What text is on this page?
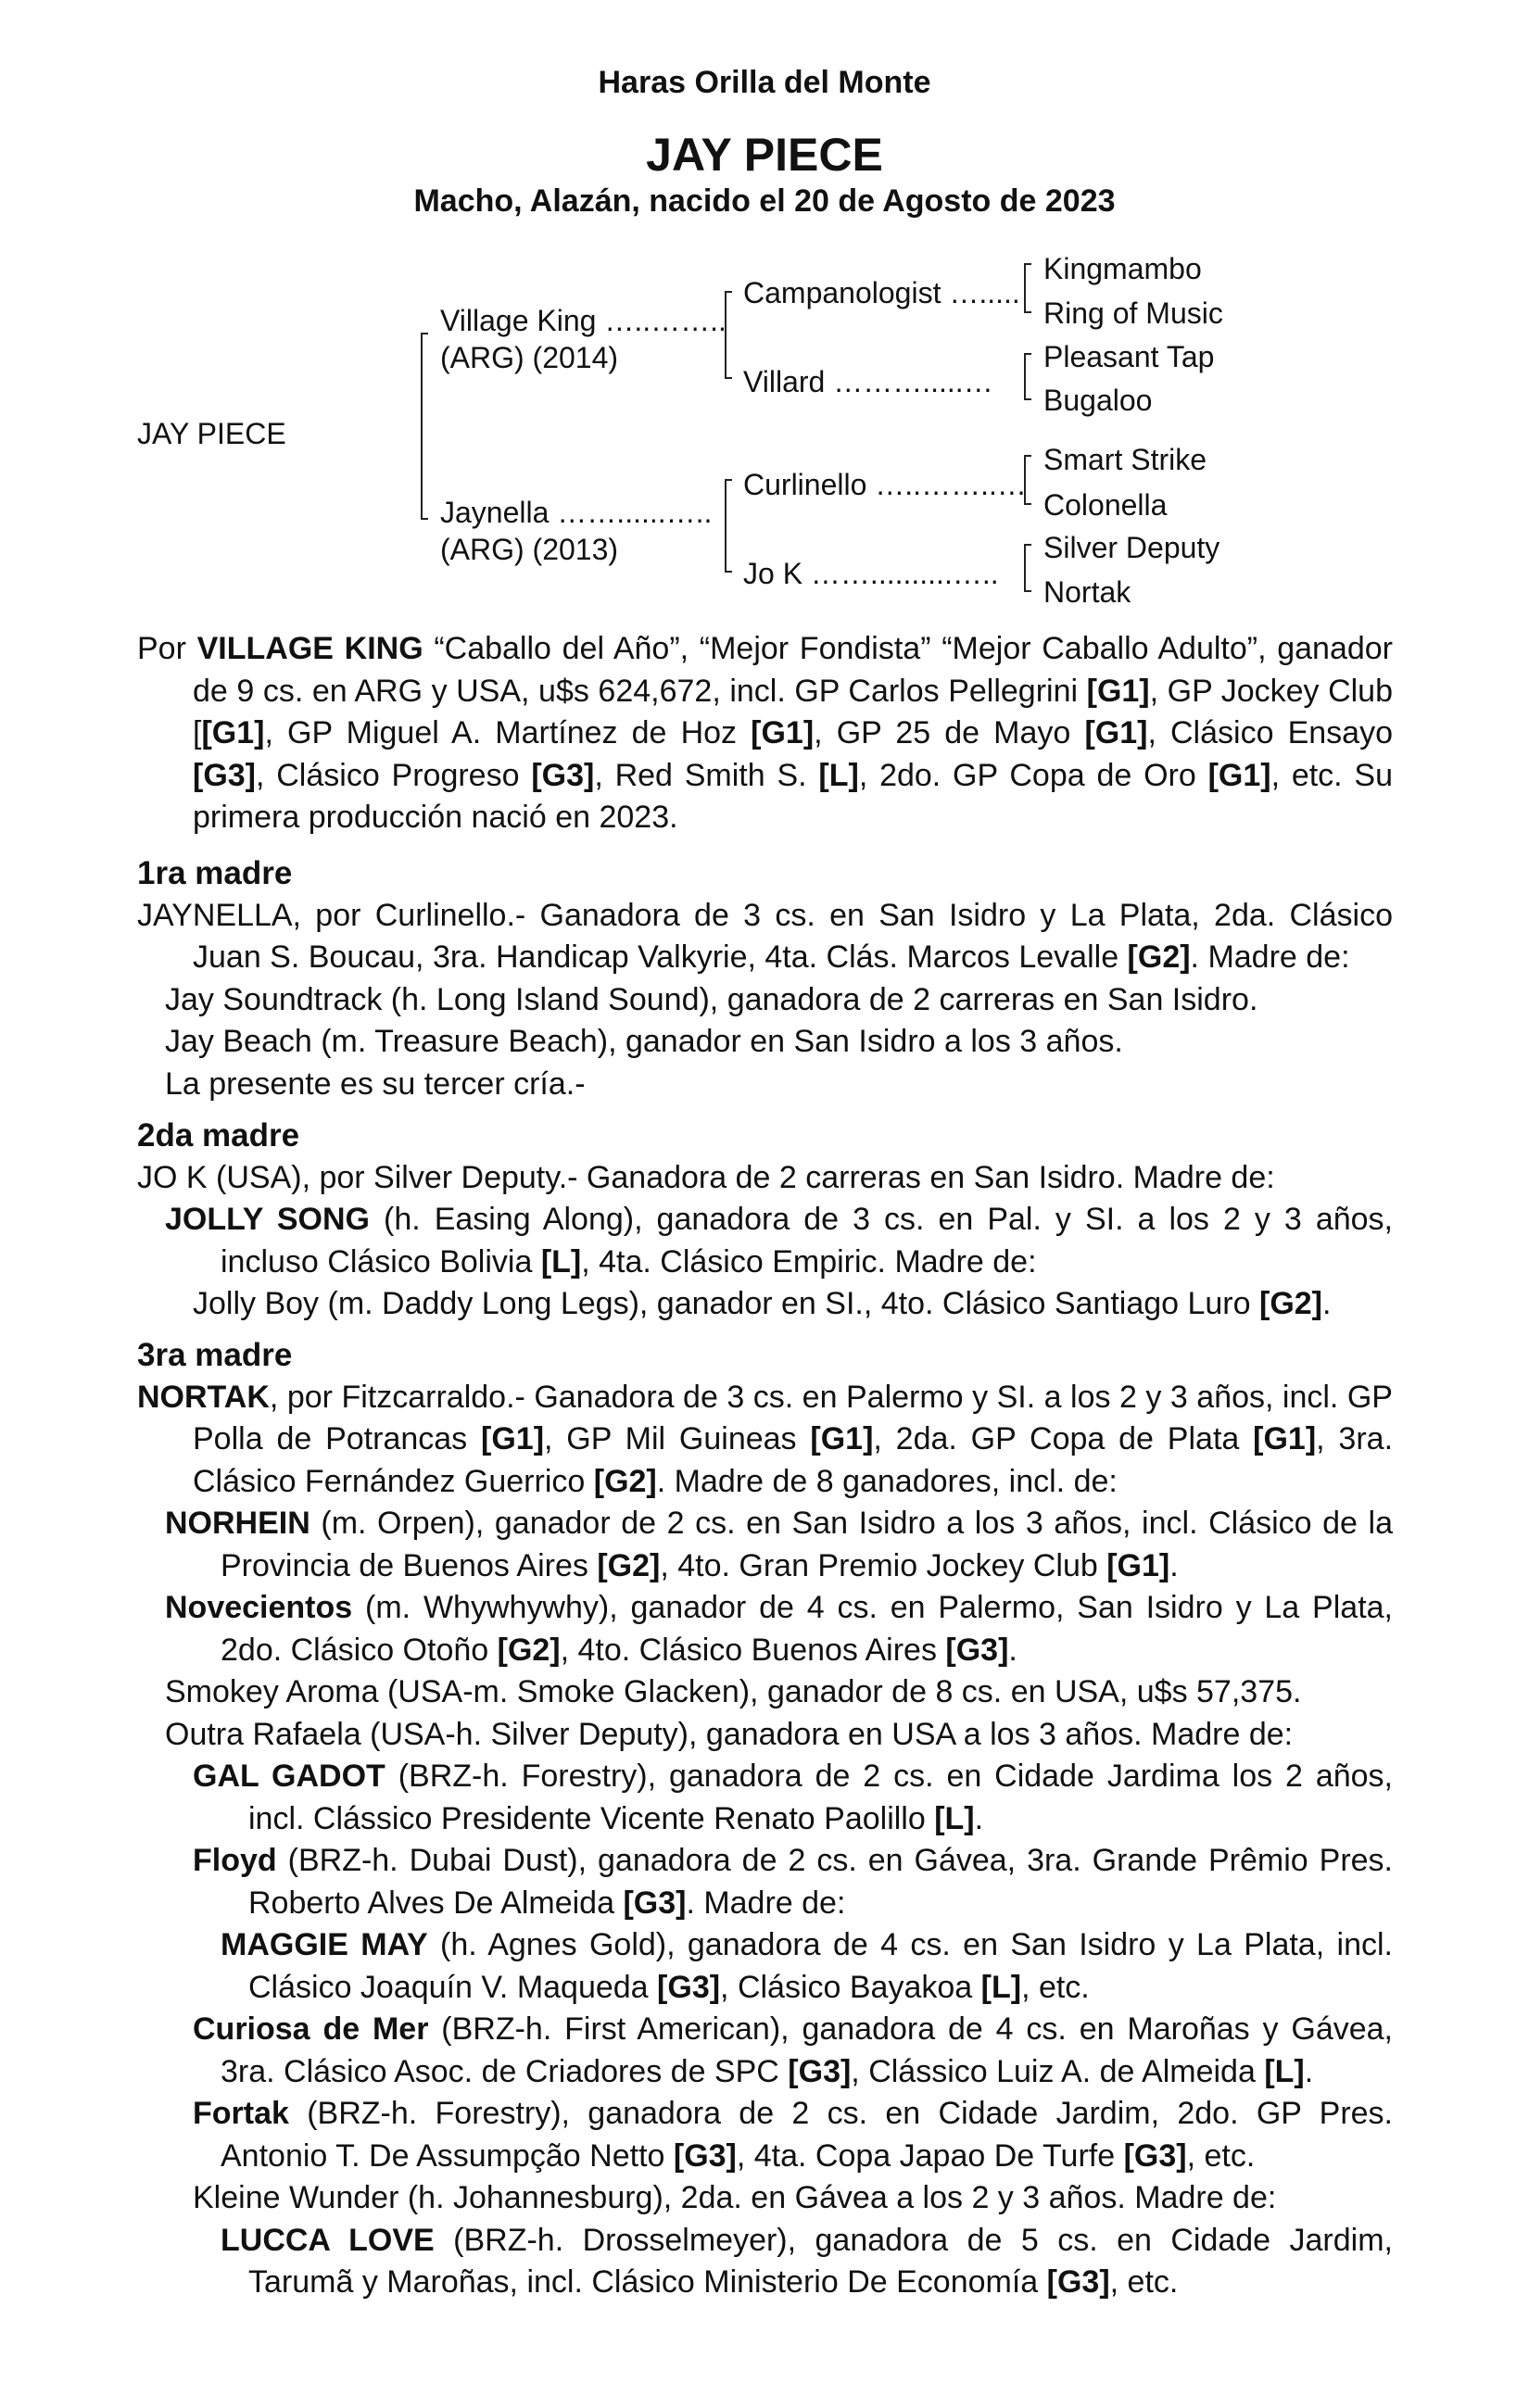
Haras Orilla del Monte
JAY PIECE
Macho, Alazán, nacido el 20 de Agosto de 2023
JAY PIECE
Village King …..……..
(ARG) (2014)
Jaynella ……......…..
(ARG) (2013)
Campanologist ….....
Villard ……….....…
Curlinello …..……..…
Jo K ……..........…..
Kingmambo
Ring of Music
Pleasant Tap
Bugaloo
Smart Strike
Colonella
Silver Deputy
Nortak

Por VILLAGE KING “Caballo del Año”, “Mejor Fondista” “Mejor Caballo Adulto”, ganador de 9 cs. en ARG y USA, u$s 624,672, incl. GP Carlos Pellegrini [G1], GP Jockey Club [[G1], GP Miguel A. Martínez de Hoz [G1], GP 25 de Mayo [G1], Clásico Ensayo [G3], Clásico Progreso [G3], Red Smith S. [L], 2do. GP Copa de Oro [G1], etc. Su primera producción nació en 2023.

1ra madre

JAYNELLA, por Curlinello.- Ganadora de 3 cs. en San Isidro y La Plata, 2da. Clásico Juan S. Boucau, 3ra. Handicap Valkyrie, 4ta. Clás. Marcos Levalle [G2]. Madre de:

Jay Soundtrack (h. Long Island Sound), ganadora de 2 carreras en San Isidro.

Jay Beach (m. Treasure Beach), ganador en San Isidro a los 3 años.

La presente es su tercer cría.-

2da madre

JO K (USA), por Silver Deputy.- Ganadora de 2 carreras en San Isidro. Madre de:

JOLLY SONG (h. Easing Along), ganadora de 3 cs. en Pal. y SI. a los 2 y 3 años, incluso Clásico Bolivia [L], 4ta. Clásico Empiric. Madre de:

Jolly Boy (m. Daddy Long Legs), ganador en SI., 4to. Clásico Santiago Luro [G2].

3ra madre

NORTAK, por Fitzcarraldo.- Ganadora de 3 cs. en Palermo y SI. a los 2 y 3 años, incl. GP Polla de Potrancas [G1], GP Mil Guineas [G1], 2da. GP Copa de Plata [G1], 3ra. Clásico Fernández Guerrico [G2]. Madre de 8 ganadores, incl. de:

NORHEIN (m. Orpen), ganador de 2 cs. en San Isidro a los 3 años, incl. Clásico de la Provincia de Buenos Aires [G2], 4to. Gran Premio Jockey Club [G1].

Novecientos (m. Whywhywhy), ganador de 4 cs. en Palermo, San Isidro y La Plata, 2do. Clásico Otoño [G2], 4to. Clásico Buenos Aires [G3].

Smokey Aroma (USA-m. Smoke Glacken), ganador de 8 cs. en USA, u$s 57,375.

Outra Rafaela (USA-h. Silver Deputy), ganadora en USA a los 3 años. Madre de:

GAL GADOT (BRZ-h. Forestry), ganadora de 2 cs. en Cidade Jardima los 2 años, incl. Clássico Presidente Vicente Renato Paolillo [L].

Floyd (BRZ-h. Dubai Dust), ganadora de 2 cs. en Gávea, 3ra. Grande Prêmio Pres. Roberto Alves De Almeida [G3]. Madre de:

MAGGIE MAY (h. Agnes Gold), ganadora de 4 cs. en San Isidro y La Plata, incl. Clásico Joaquín V. Maqueda [G3], Clásico Bayakoa [L], etc.

Curiosa de Mer (BRZ-h. First American), ganadora de 4 cs. en Maroñas y Gávea, 3ra. Clásico Asoc. de Criadores de SPC [G3], Clássico Luiz A. de Almeida [L].

Fortak (BRZ-h. Forestry), ganadora de 2 cs. en Cidade Jardim, 2do. GP Pres. Antonio T. De Assumpção Netto [G3], 4ta. Copa Japao De Turfe [G3], etc.

Kleine Wunder (h. Johannesburg), 2da. en Gávea a los 2 y 3 años. Madre de:

LUCCA LOVE (BRZ-h. Drosselmeyer), ganadora de 5 cs. en Cidade Jardim, Tarumã y Maroñas, incl. Clásico Ministerio De Economía [G3], etc.
